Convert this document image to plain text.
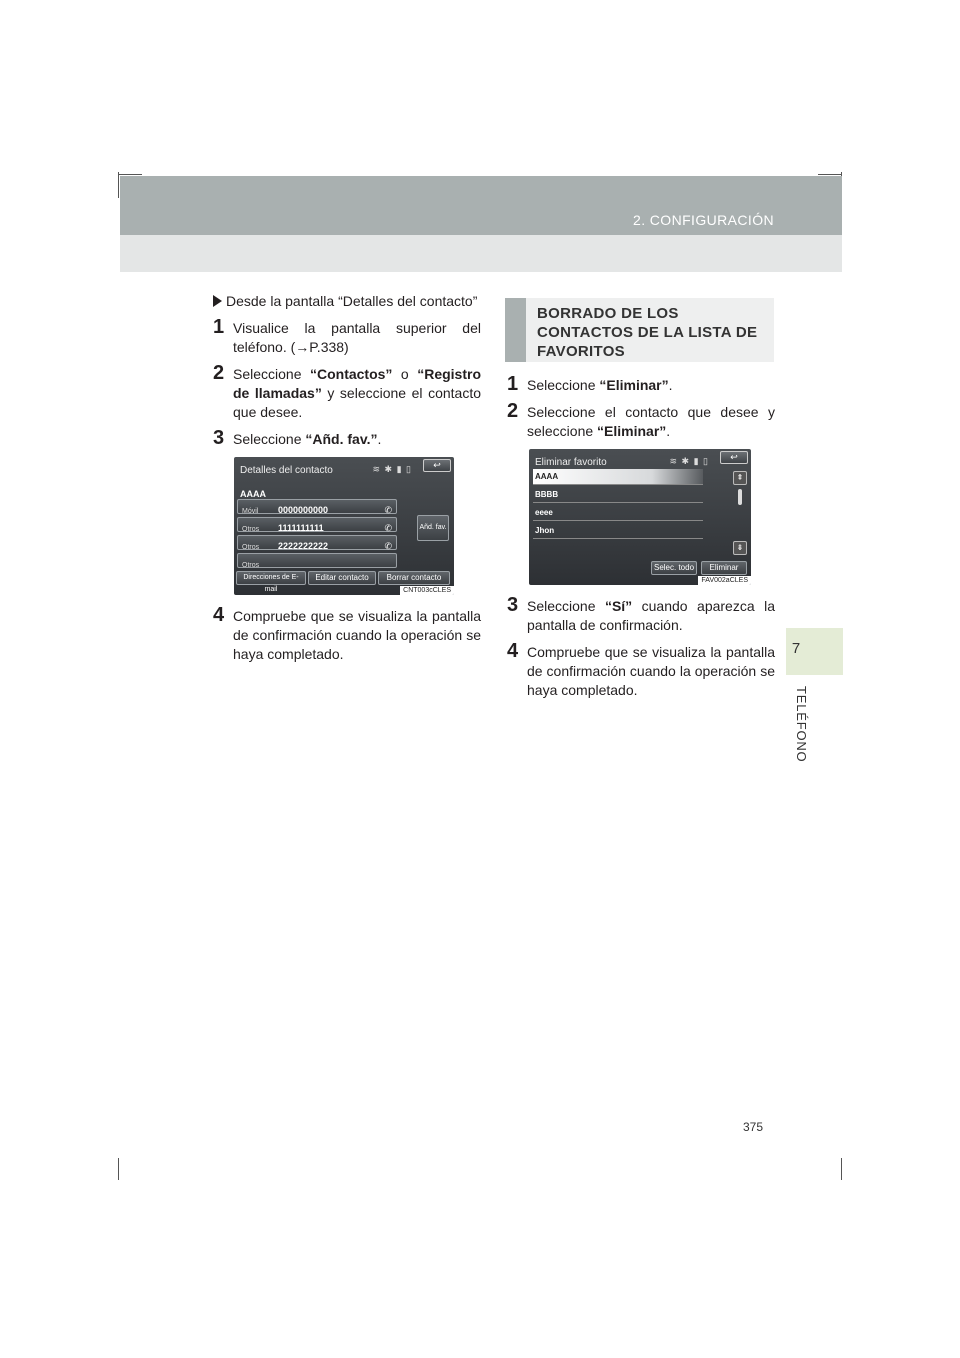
2. CONFIGURACIÓN
7
TELÉFONO
Desde la pantalla “Detalles del contacto”
1 Visualice la pantalla superior del teléfono. (→P.338)
2 Seleccione “Contactos” o “Registro de llamadas” y seleccione el contacto que desee.
3 Seleccione “Añd. fav.”.
Detalles del contacto	≋ ✱ ▮ ▯	↩
AAAA
Móvil 0000000000	✆
Otros 1111111111	✆
Otros 2222222222	✆
Otros
Añd. fav.
Direcciones de E-mail
Editar contacto	Borrar contacto
CNT003cCLES
4 Compruebe que se visualiza la pantalla de confirmación cuando la operación se haya completado.
BORRADO DE LOS CONTACTOS DE LA LISTA DE FAVORITOS
1 Seleccione “Eliminar”.
2 Seleccione el contacto que desee y seleccione “Eliminar”.
Eliminar favorito	≋ ✱ ▮ ▯	↩
AAAA
BBBB
eeee
Jhon
⇞
⇟
Selec. todo	Eliminar
FAV002aCLES
3 Seleccione “Sí” cuando aparezca la pantalla de confirmación.
4 Compruebe que se visualiza la pantalla de confirmación cuando la operación se haya completado.
375
